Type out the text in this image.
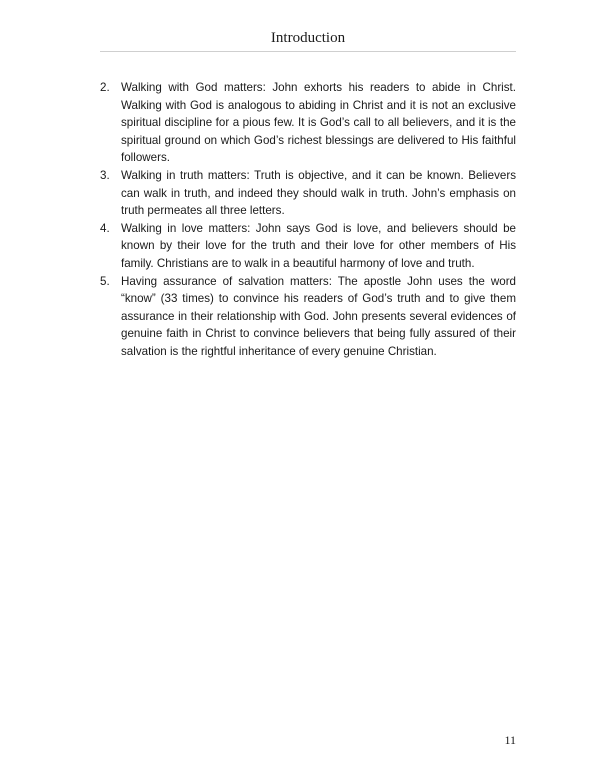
Introduction
2. Walking with God matters: John exhorts his readers to abide in Christ. Walking with God is analogous to abiding in Christ and it is not an exclusive spiritual discipline for a pious few. It is God’s call to all believers, and it is the spiritual ground on which God’s richest blessings are delivered to His faithful followers.
3. Walking in truth matters: Truth is objective, and it can be known. Believers can walk in truth, and indeed they should walk in truth. John’s emphasis on truth permeates all three letters.
4. Walking in love matters: John says God is love, and believers should be known by their love for the truth and their love for other members of His family. Christians are to walk in a beautiful harmony of love and truth.
5. Having assurance of salvation matters: The apostle John uses the word “know” (33 times) to convince his readers of God’s truth and to give them assurance in their relationship with God. John presents several evidences of genuine faith in Christ to convince believers that being fully assured of their salvation is the rightful inheritance of every genuine Christian.
11
